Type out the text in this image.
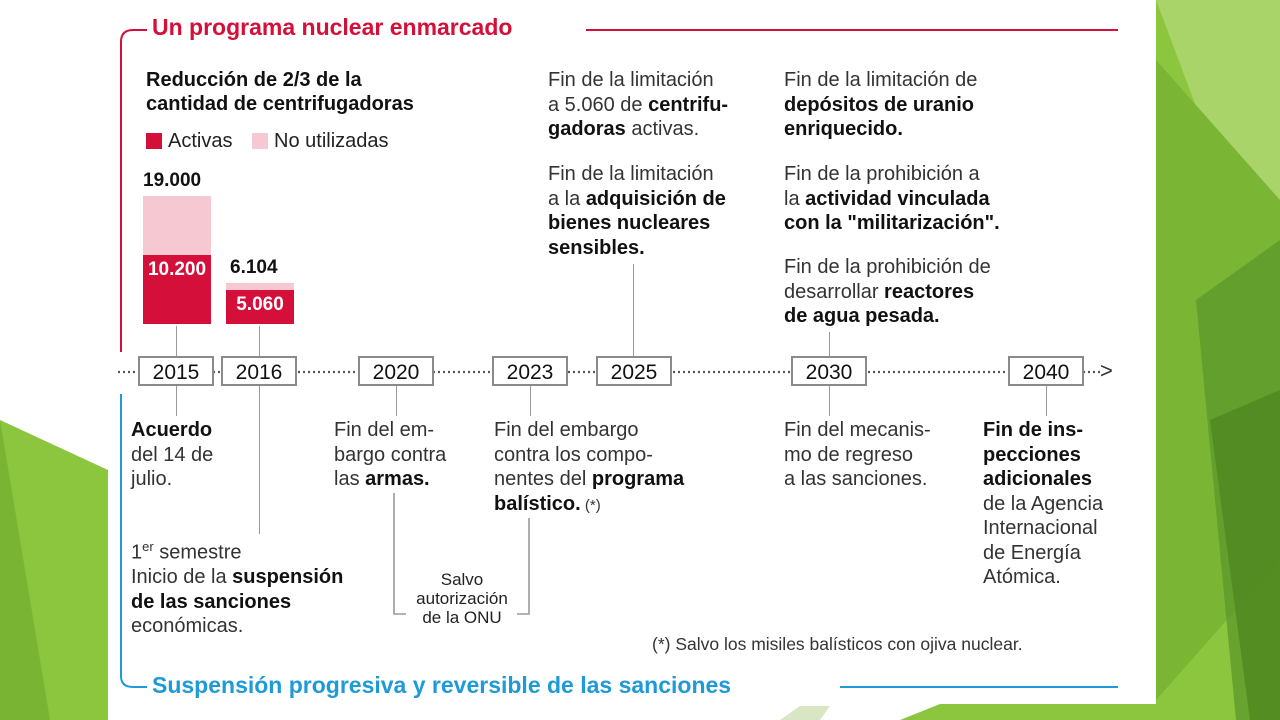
Un programa nuclear enmarcado
Suspensión progresiva y reversible de las sanciones
Reducción de 2/3 de la
cantidad de centrifugadoras
Activas No utilizadas
10.200
19.000
5.060
6.104
>
2015	2016	2020	2023	2025	2030	2040
Fin de la limitación
a 5.060 de centrifu-
gadoras activas.
Fin de la limitación
a la adquisición de
bienes nucleares
sensibles.
Fin de la limitación de
depósitos de uranio
enriquecido.
Fin de la prohibición a
la actividad vinculada
con la "militarización".
Fin de la prohibición de
desarrollar reactores
de agua pesada.
Acuerdo
del 14 de
julio.
1er semestre
Inicio de la suspensión
de las sanciones
económicas.
Fin del em-
bargo contra
las armas.
Salvo
autorización
de la ONU
Fin del embargo
contra los compo-
nentes del programa
balístico. (*)
Fin del mecanis-
mo de regreso
a las sanciones.
Fin de ins-
pecciones
adicionales
de la Agencia
Internacional
de Energía
Atómica.
(*) Salvo los misiles balísticos con ojiva nuclear.
